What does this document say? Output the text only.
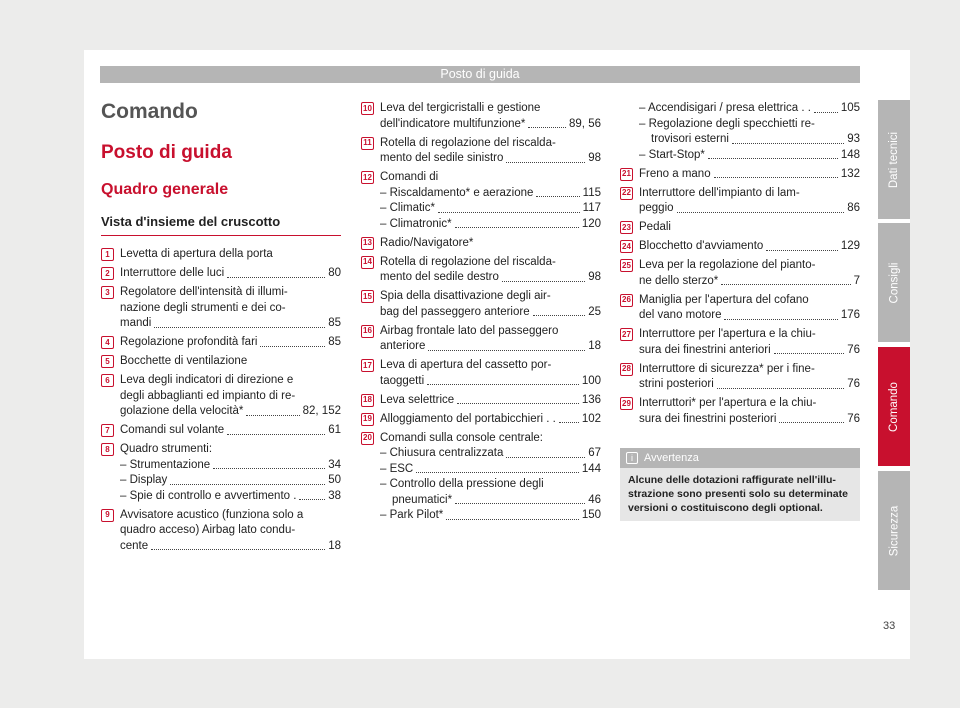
Posto di guida
Comando
Posto di guida
Quadro generale
Vista d'insieme del cruscotto
1 Levetta di apertura della porta
2 Interruttore delle luci	80
3 Regolatore dell'intensità di illumi-
nazione degli strumenti e dei co-
mandi	85
4 Regolazione profondità fari	85
5 Bocchette di ventilazione
6 Leva degli indicatori di direzione e
degli abbaglianti ed impianto di re-
golazione della velocità*	82, 152
7 Comandi sul volante	61
8 Quadro strumenti:
– Strumentazione	34
– Display	50
– Spie di controllo e avvertimento .	38
9 Avvisatore acustico (funziona solo a
quadro acceso) Airbag lato condu-
cente	18
10 Leva del tergicristalli e gestione
dell'indicatore multifunzione*	89, 56
11 Rotella di regolazione del riscalda-
mento del sedile sinistro	98
12 Comandi di
– Riscaldamento* e aerazione	115
– Climatic*	117
– Climatronic*	120
13 Radio/Navigatore*
14 Rotella di regolazione del riscalda-
mento del sedile destro	98
15 Spia della disattivazione degli air-
bag del passeggero anteriore	25
16 Airbag frontale lato del passeggero
anteriore	18
17 Leva di apertura del cassetto por-
taoggetti	100
18 Leva selettrice	136
19 Alloggiamento del portabicchieri . . 102
20 Comandi sulla console centrale:
– Chiusura centralizzata	67
– ESC	144
– Controllo della pressione degli
pneumatici*	46
– Park Pilot*	150
– Accendisigari / presa elettrica . .	105
– Regolazione degli specchietti re-
trovisori esterni	93
– Start-Stop*	148
21 Freno a mano	132
22 Interruttore dell'impianto di lam-
peggio	86
23 Pedali
24 Blocchetto d'avviamento	129
25 Leva per la regolazione del pianto-
ne dello sterzo*	7
26 Maniglia per l'apertura del cofano
del vano motore	176
27 Interruttore per l'apertura e la chiu-
sura dei finestrini anteriori	76
28 Interruttore di sicurezza* per i fine-
strini posteriori	76
29 Interruttori* per l'apertura e la chiu-
sura dei finestrini posteriori	76
i	Avvertenza
Alcune delle dotazioni raffigurate nell'illu- strazione sono presenti solo su determinate versioni o costituiscono degli optional.
Dati tecnici
Consigli
Comando
Sicurezza
33
